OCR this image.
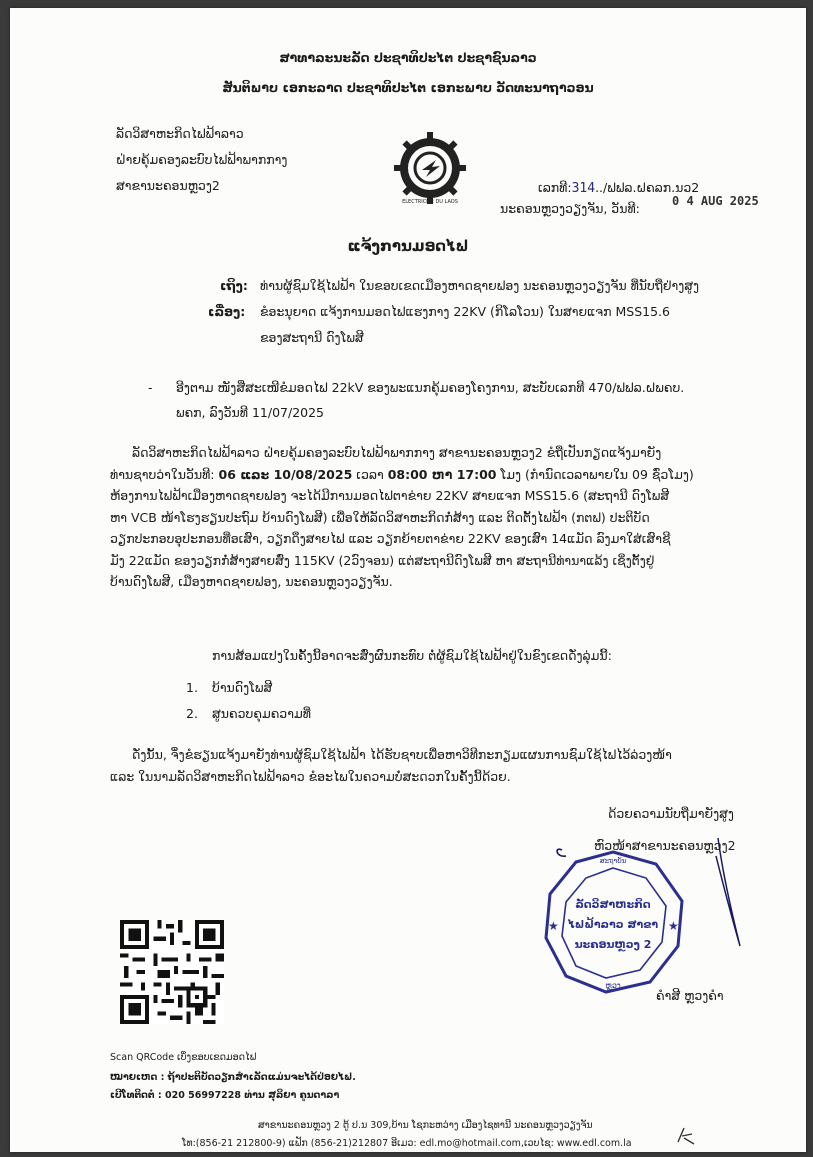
ສາທາລະນະລັດ ປະຊາທິປະໄຕ ປະຊາຊົນລາວ
ສັນຕິພາບ ເອກະລາດ ປະຊາທິປະໄຕ ເອກະພາບ ວັດທະນາຖາວອນ
ລັດວິສາຫະກິດໄຟຟ້າລາວ
ຝ່າຍຄຸ້ມຄອງລະບົບໄຟຟ້າພາກກາງ
ສາຂານະຄອນຫຼວງ2
ELECTRICITE DU LAOS
ເລກທີ:314../ຟຟລ.ຝຄລກ.ນວ2
ນະຄອນຫຼວງວຽງຈັນ, ວັນທີ:	0 4 AUG 2025
ແຈ້ງການມອດໄຟ
ເຖິງ: ທ່ານຜູ້ຊົມໃຊ້ໄຟຟ້າ ໃນຂອບເຂດເມືອງຫາດຊາຍຟອງ ນະຄອນຫຼວງວຽງຈັນ ທີ່ນັບຖືຢ່າງສູງ
ເລື່ອງ: ຂໍອະນຸຍາດ ແຈ້ງການມອດໄຟແຮງກາງ 22KV (ກິໂລໂວນ) ໃນສາຍແຈກ MSS15.6
ຂອງສະຖານີ ດົງໂພສີ
- ອີງຕາມ ໜັງສືສະເໜີຂໍມອດໄຟ 22kV ຂອງພະແນກຄຸ້ມຄອງໂຄງການ, ສະບັບເລກທີ 470/ຟຟລ.ຝພຄບ.
ພຄກ, ລົງວັນທີ 11/07/2025
ລັດວິສາຫະກິດໄຟຟ້າລາວ ຝ່າຍຄຸ້ມຄອງລະບົບໄຟຟ້າພາກກາງ ສາຂານະຄອນຫຼວງ2 ຂໍຖືເປັນກຽດແຈ້ງມາຍັງ
ທ່ານຊາບວ່າໃນວັນທີ: 06 ແລະ 10/08/2025 ເວລາ 08:00 ຫາ 17:00 ໂມງ (ກຳນົດເວລາພາຍໃນ 09 ຊົ່ວໂມງ)
ຫ້ອງການໄຟຟ້າເມືອງຫາດຊາຍຟອງ ຈະໄດ້ມີການມອດໄຟຕາຂ່າຍ 22KV ສາຍແຈກ MSS15.6 (ສະຖານີ ດົງໂພສີ
ຫາ VCB ໜ້າໂຮງຮຽນປະຖົມ ບ້ານດົງໂພສີ) ເພື່ອໃຫ້ລັດວິສາຫະກິດກໍ່ສ້າງ ແລະ ຕິດຕັ້ງໄຟຟ້າ (ກຕຟ) ປະຕິບັດ
ວຽກປະກອບອຸປະກອນທີ່ອເສົາ, ວຽກດຶງສາຍໄຟ ແລະ ວຽກຍ້າຍຕາຂ່າຍ 22KV ຂອງເສົາ 14ແມັດ ລົງມາໃສ່ເສົາຊີ
ມັງ 22ແມັດ ຂອງວຽກກໍ່ສ້າງສາຍສົ່ງ 115KV (2ວົງຈອນ) ແຕ່ສະຖານີດົງໂພສີ ຫາ ສະຖານີທ່ານາແລ້ງ ເຊິ່ງຕັ້ງຢູ່
ບ້ານດົງໂພສີ, ເມືອງຫາດຊາຍຟອງ, ນະຄອນຫຼວງວຽງຈັນ.
ການສ້ອມແປງໃນຄັ້ງນີ້ອາດຈະສົ່ງຜົນກະທົບ ຕໍ່ຜູ້ຊົມໃຊ້ໄຟຟ້າຢູ່ໃນຂົງເຂດດັ່ງລຸ່ມນີ້:
1. ບ້ານດົງໂພສີ
2. ສູນຄວບຄຸມຄວາມທີ່
ດັ່ງນັ້ນ, ຈຶ່ງຂໍຮຽນແຈ້ງມາຍັງທ່ານຜູ້ຊົມໃຊ້ໄຟຟ້າ ໄດ້ຮັບຊາບເພື່ອຫາວິທີກະກຽມແຜນການຊົມໃຊ້ໄຟໄວ້ລ່ວງໜ້າ
ແລະ ໃນນາມລັດວິສາຫະກິດໄຟຟ້າລາວ ຂໍອະໄພໃນຄວາມບໍ່ສະດວກໃນຄັ້ງນີ້ດ້ວຍ.
ດ້ວຍຄວາມນັບຖືມາຍັງສູງ
ຫົວໜ້າສາຂານະຄອນຫຼວງ2
ລັດວິສາຫະກິດ
ໄຟຟ້າລາວ ສາຂາ
ນະຄອນຫຼວງ 2
ສະຖາບັນ
ຫຼວງ
★	★
ຄຳສີ ຫຼວງຄຳ
Scan QRCode ເບິ່ງຂອບເຂດມອດໄຟ
ໝາຍເຫດ : ຖ້າປະຕິບັດວຽກສຳເລັດແມ່ນຈະໄດ້ປ່ອຍໄຟ.
ເບີໂທຕິດຕໍ່ : 020 56997228 ທ່ານ ສຸລິຍາ ຄູນດາລາ
ສາຂານະຄອນຫຼວງ 2 ຕູ້ ປ.ນ 309,ບ້ານ ໂຊກະຫວ່າງ ເມືອງໄຊທານີ ນະຄອນຫຼວງວຽງຈັນ
ໂທ:(856-21 212800-9) ແຟັກ (856-21)212807 ອີເມວ: edl.mo@hotmail.com,ເວບໄຊ: www.edl.com.la
